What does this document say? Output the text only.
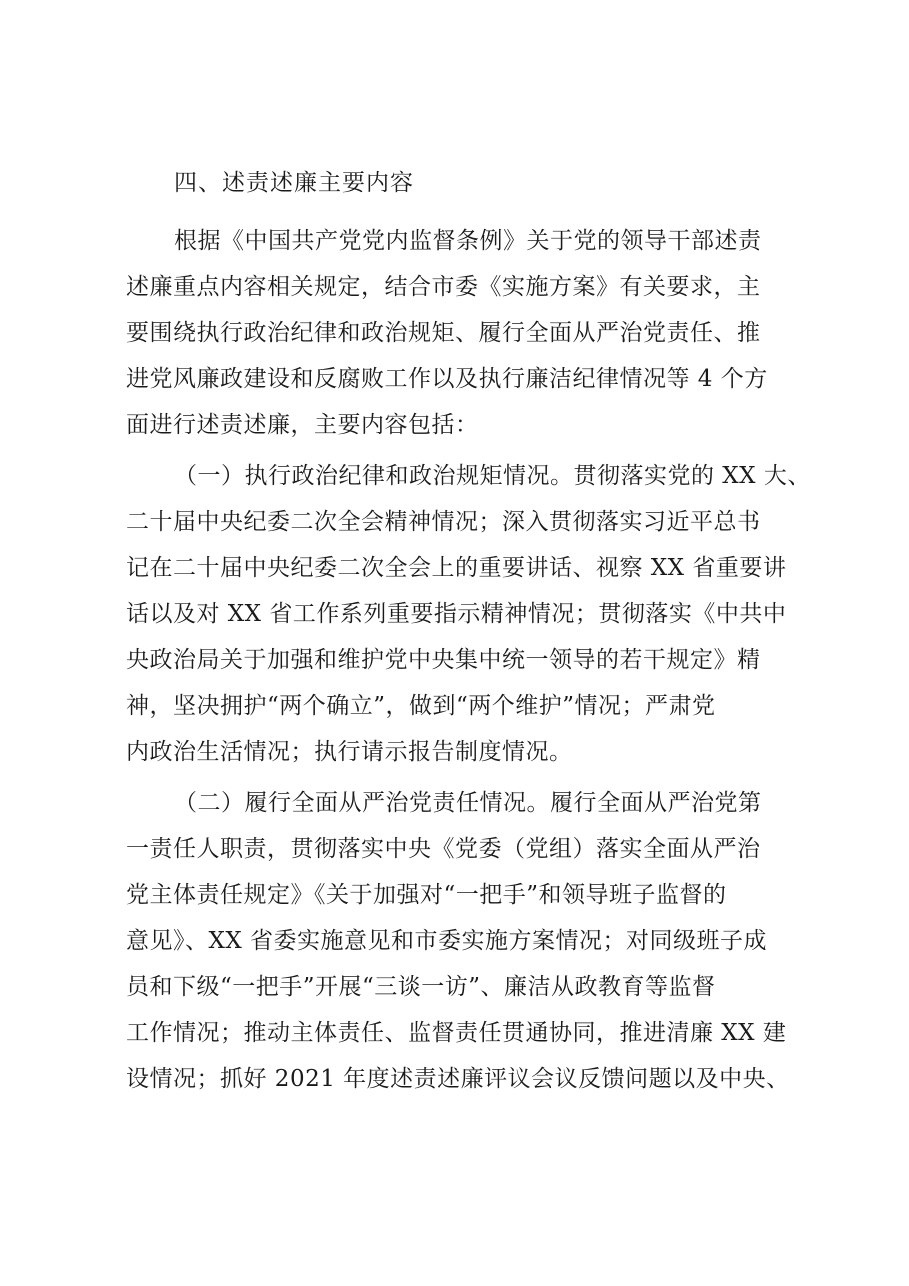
四、述责述廉主要内容
根据《中国共产党党内监督条例》关于党的领导干部述责
述廉重点内容相关规定，结合市委《实施方案》有关要求，主
要围绕执行政治纪律和政治规矩、履行全面从严治党责任、推
进党风廉政建设和反腐败工作以及执行廉洁纪律情况等 4 个方
面进行述责述廉，主要内容包括：
（一）执行政治纪律和政治规矩情况。贯彻落实党的 XX 大、
二十届中央纪委二次全会精神情况；深入贯彻落实习近平总书
记在二十届中央纪委二次全会上的重要讲话、视察 XX 省重要讲
话以及对 XX 省工作系列重要指示精神情况；贯彻落实《中共中
央政治局关于加强和维护党中央集中统一领导的若干规定》精
神，坚决拥护“两个确立”，做到“两个维护”情况；严肃党
内政治生活情况；执行请示报告制度情况。
（二）履行全面从严治党责任情况。履行全面从严治党第
一责任人职责，贯彻落实中央《党委（党组）落实全面从严治
党主体责任规定》《关于加强对“一把手”和领导班子监督的
意见》、XX 省委实施意见和市委实施方案情况；对同级班子成
员和下级“一把手”开展“三谈一访”、廉洁从政教育等监督
工作情况；推动主体责任、监督责任贯通协同，推进清廉 XX 建
设情况；抓好 2021 年度述责述廉评议会议反馈问题以及中央、
